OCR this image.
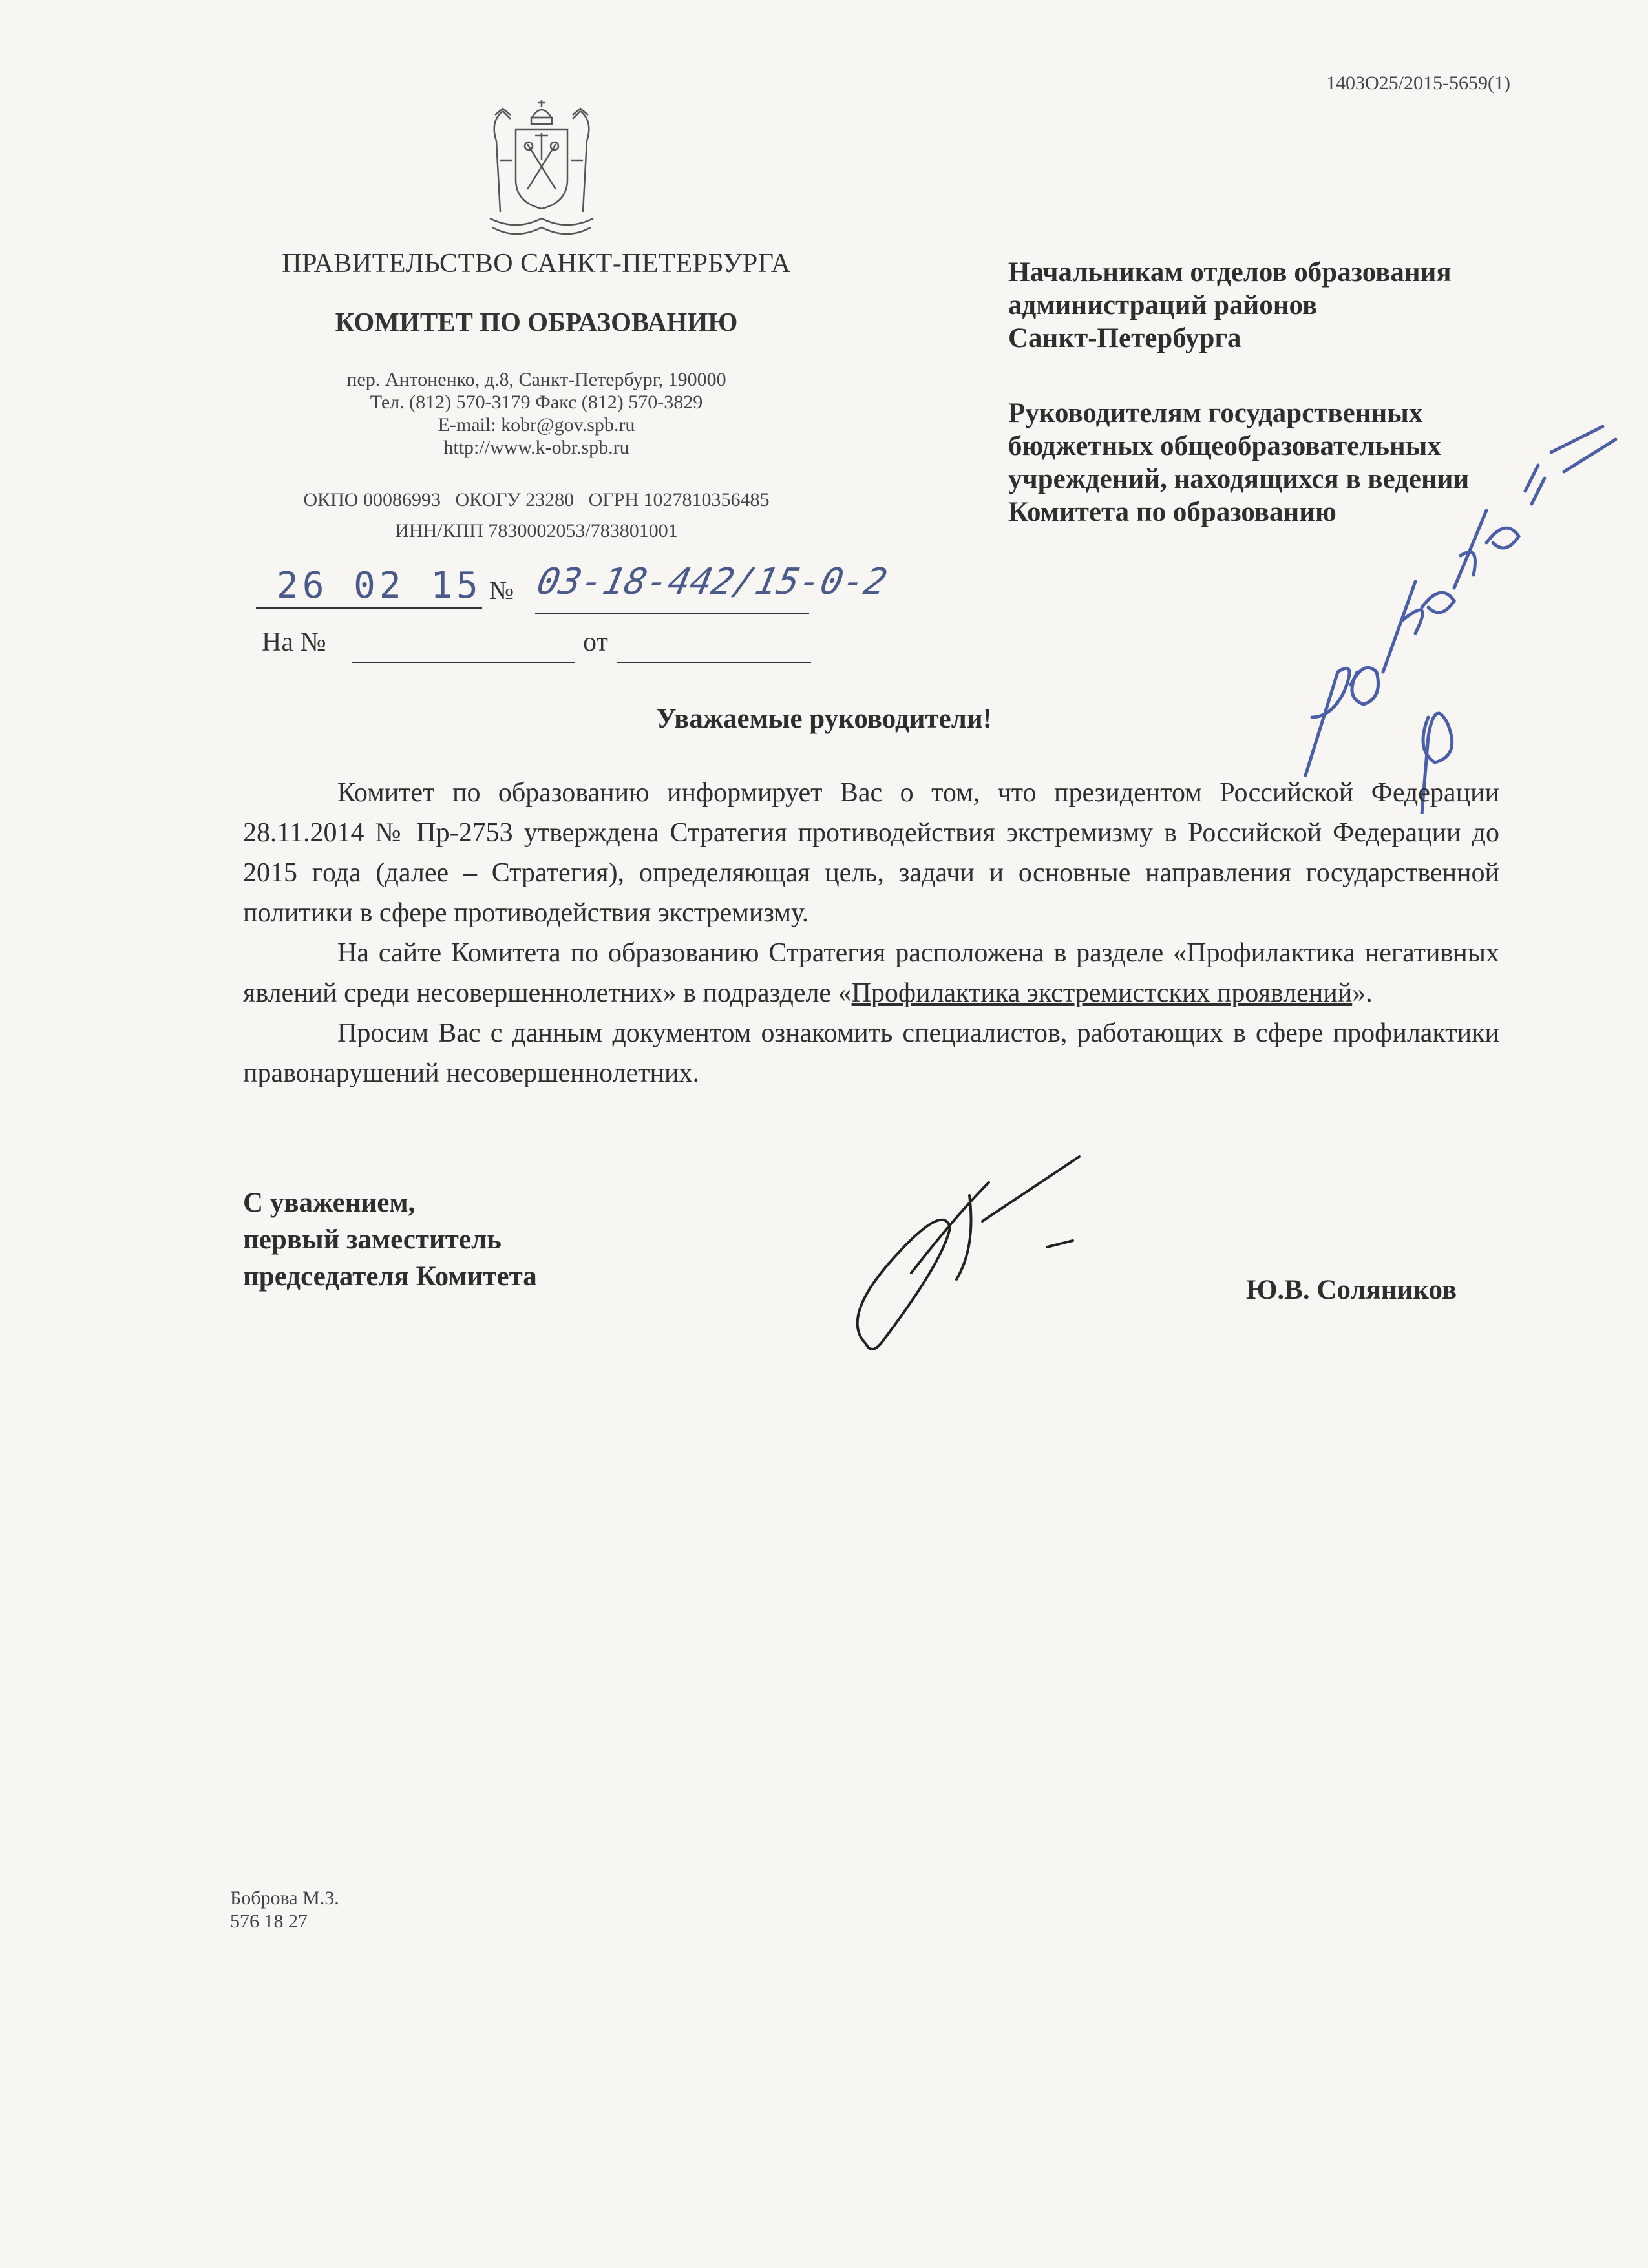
1403О25/2015-5659(1)
ПРАВИТЕЛЬСТВО САНКТ-ПЕТЕРБУРГА
КОМИТЕТ ПО ОБРАЗОВАНИЮ
пер. Антоненко, д.8, Санкт-Петербург, 190000
Тел. (812) 570-3179 Факс (812) 570-3829
E-mail: kobr@gov.spb.ru
http://www.k-obr.spb.ru
ОКПО 00086993   ОКОГУ 23280   ОГРН 1027810356485
ИНН/КПП 7830002053/783801001
26 02 15 № 03-18-442/15-0-2
На №	от

Начальникам отделов образования

администраций районов

Санкт-Петербурга

Руководителям государственных

бюджетных общеобразовательных

учреждений, находящихся в ведении

Комитета по образованию

Уважаемые руководители!

Комитет по образованию информирует Вас о том, что президентом Российской Федерации 28.11.2014 № Пр-2753 утверждена Стратегия противодействия экстремизму в Российской Федерации до 2015 года (далее – Стратегия), определяющая цель, задачи и основные направления государственной политики в сфере противодействия экстремизму.

На сайте Комитета по образованию Стратегия расположена в разделе «Профилактика негативных явлений среди несовершеннолетних» в подразделе «Профилактика экстремистских проявлений».

Просим Вас с данным документом ознакомить специалистов, работающих в сфере профилактики правонарушений несовершеннолетних.

С уважением,
первый заместитель
председателя Комитета	Ю.В. Соляников
Боброва М.З.
576 18 27
